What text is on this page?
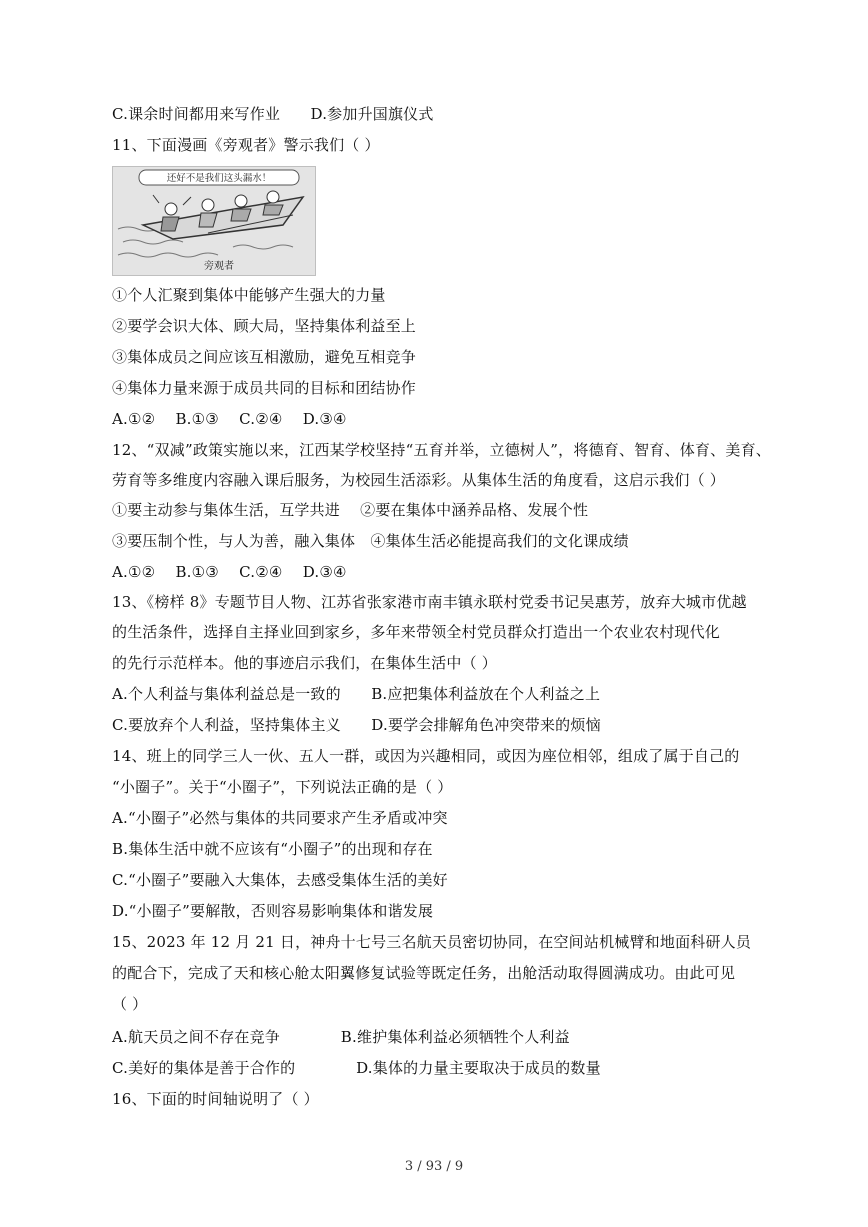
C.课余时间都用来写作业　　D.参加升国旗仪式
11、下面漫画《旁观者》警示我们（ ）
还好不是我们这头漏水！
旁观者
①个人汇聚到集体中能够产生强大的力量
②要学会识大体、顾大局，坚持集体利益至上
③集体成员之间应该互相激励，避免互相竞争
④集体力量来源于成员共同的目标和团结协作
A.①②　 B.①③　 C.②④　 D.③④
12、“双减”政策实施以来，江西某学校坚持“五育并举，立德树人”，将德育、智育、体育、美育、
劳育等多维度内容融入课后服务，为校园生活添彩。从集体生活的角度看，这启示我们（ ）
①要主动参与集体生活，互学共进　 ②要在集体中涵养品格、发展个性
③要压制个性，与人为善，融入集体　④集体生活必能提高我们的文化课成绩
A.①②　 B.①③　 C.②④　 D.③④
13、《榜样 8》专题节目人物、江苏省张家港市南丰镇永联村党委书记吴惠芳，放弃大城市优越
的生活条件，选择自主择业回到家乡，多年来带领全村党员群众打造出一个农业农村现代化
的先行示范样本。他的事迹启示我们，在集体生活中（ ）
A.个人利益与集体利益总是一致的　　B.应把集体利益放在个人利益之上
C.要放弃个人利益，坚持集体主义　　D.要学会排解角色冲突带来的烦恼
14、班上的同学三人一伙、五人一群，或因为兴趣相同，或因为座位相邻，组成了属于自己的
“小圈子”。关于“小圈子”，下列说法正确的是（ ）
A.“小圈子”必然与集体的共同要求产生矛盾或冲突
B.集体生活中就不应该有“小圈子”的出现和存在
C.“小圈子”要融入大集体，去感受集体生活的美好
D.“小圈子”要解散，否则容易影响集体和谐发展
15、2023 年 12 月 21 日，神舟十七号三名航天员密切协同，在空间站机械臂和地面科研人员
的配合下，完成了天和核心舱太阳翼修复试验等既定任务，出舱活动取得圆满成功。由此可见
（ ）
A.航天员之间不存在竞争　　　　B.维护集体利益必须牺牲个人利益
C.美好的集体是善于合作的　　　　D.集体的力量主要取决于成员的数量
16、下面的时间轴说明了（ ）
3 / 93 / 9
